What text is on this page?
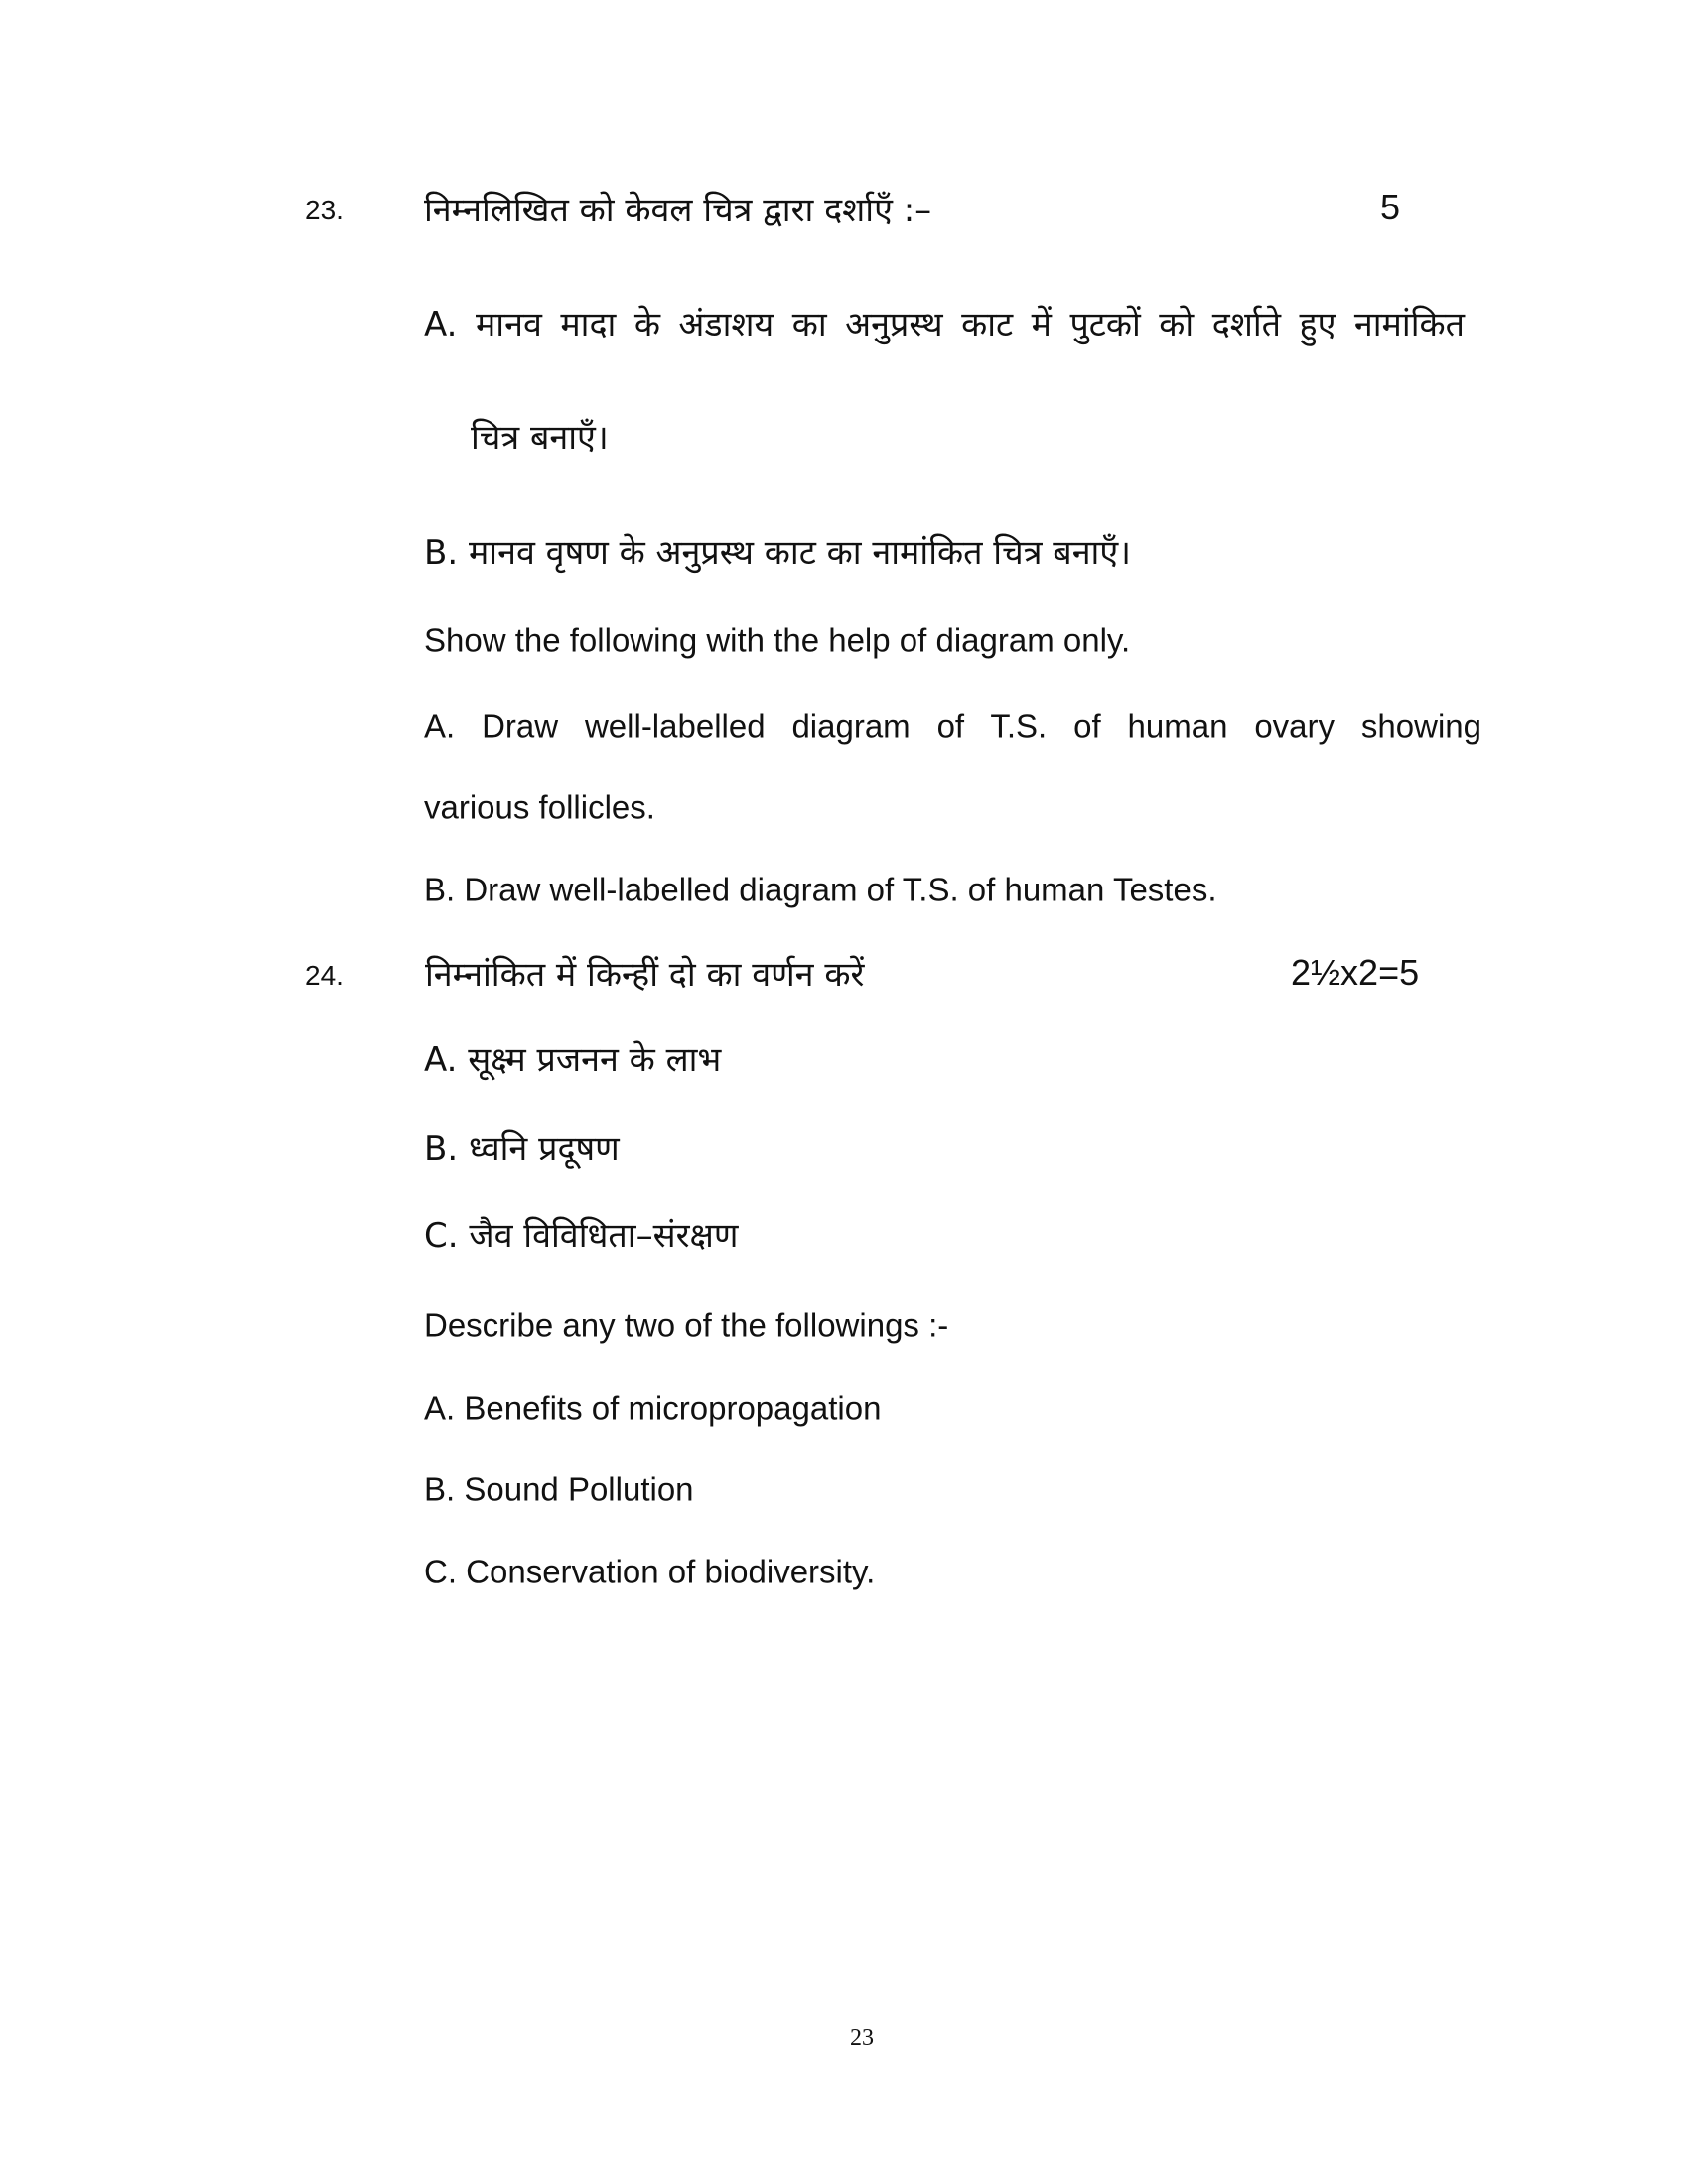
23. निम्नलिखित को केवल चित्र द्वारा दर्शाएँ :–	5
A. मानव मादा के अंडाशय का अनुप्रस्थ काट में पुटकों को दर्शाते हुए नामांकित
चित्र बनाएँ।
B. मानव वृषण के अनुप्रस्थ काट का नामांकित चित्र बनाएँ।
Show the following with the help of diagram only.
A. Draw well-labelled diagram of T.S. of human ovary showing
various follicles.
B. Draw well-labelled diagram of T.S. of human Testes.
24. निम्नांकित में किन्हीं दो का वर्णन करें	2½x2=5
A. सूक्ष्म प्रजनन के लाभ
B. ध्वनि प्रदूषण
C. जैव विविधिता–संरक्षण
Describe any two of the followings :-
A. Benefits of micropropagation
B. Sound Pollution
C. Conservation of biodiversity.
23
